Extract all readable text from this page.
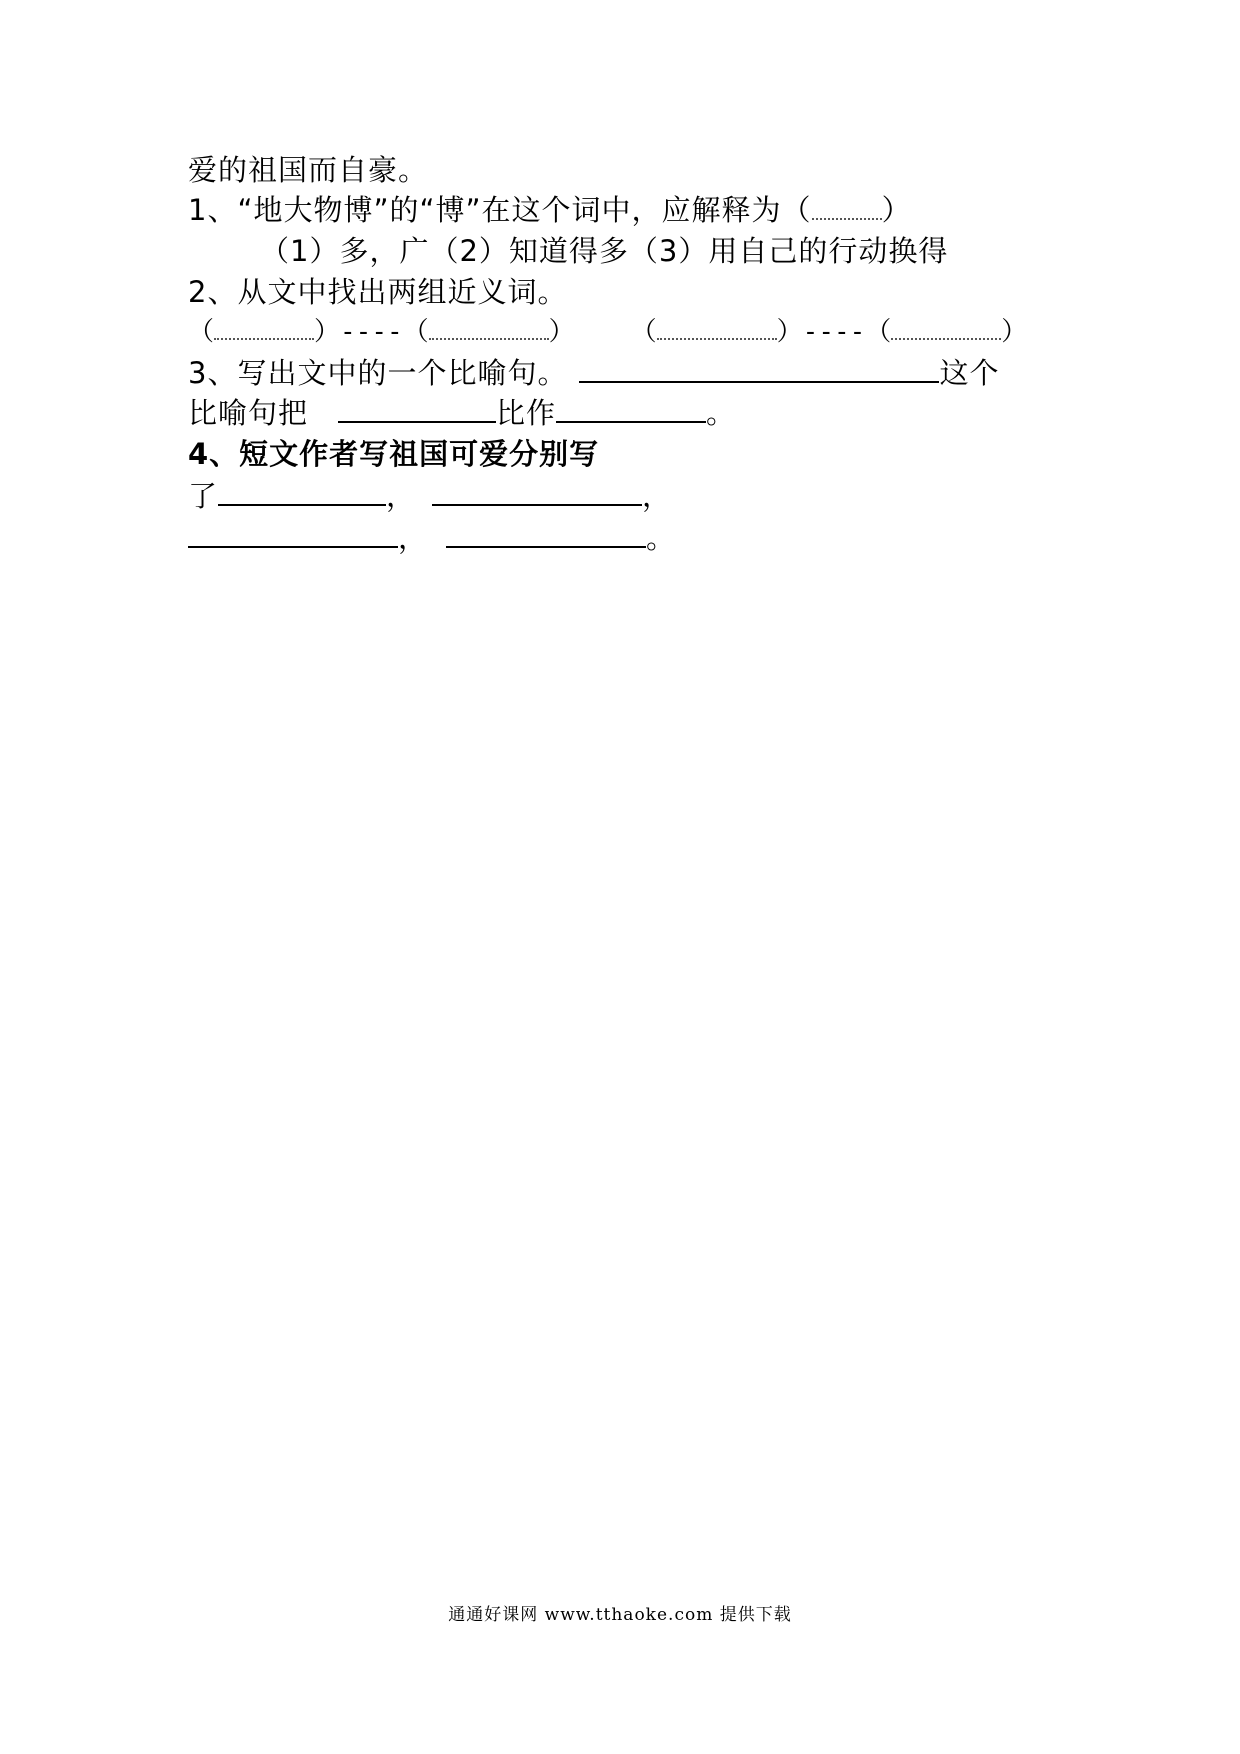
爱的祖国而自豪。
1、“地大物博”的“博”在这个词中，应解释为（ ）
（1）多，广（2）知道得多（3）用自己的行动换得
2、从文中找出两组近义词。
（	）----（	） （	）----（	）
3、写出文中的一个比喻句。	这个
比喻句把	比作	。
4、短文作者写祖国可爱分别写
了	，	，
，	。
通通好课网 www.tthaoke.com 提供下载
